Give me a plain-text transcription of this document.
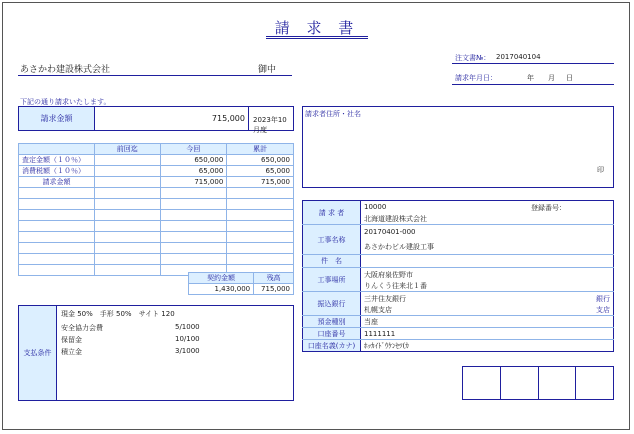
請 求 書
あさかわ建設株式会社	御中
注文書№： 2017040104
請求年月日：	年 月 日
下記の通り請求いたします。
請求金額	715,000 2023年10月度
請求者住所・社名
印
	前回迄	今回	累計
査定金額（１０％）		650,000	650,000
消費税額（１０％）		65,000	65,000
請求金額		715,000	715,000

契約金額	残高
1,430,000	715,000
支払条件
現金 50%　手形 50%　サイト 120
安全協力会費	5/1000
保留金	10/100
積立金	3/1000
請 求 者	10000 登録番号：
北海道建設株式会社

工事名称	20170401-000
あさかわビル建設工事

件　名	
工事場所	大阪府泉佐野市
りんくう往来北１番

振込銀行	三井住友銀行 銀行
札幌支店 支店

預金種別	当座
口座番号	1111111
口座名義(カナ)	ﾎｯｶｲﾄﾞｳｹﾝｾﾂ(ｶ
